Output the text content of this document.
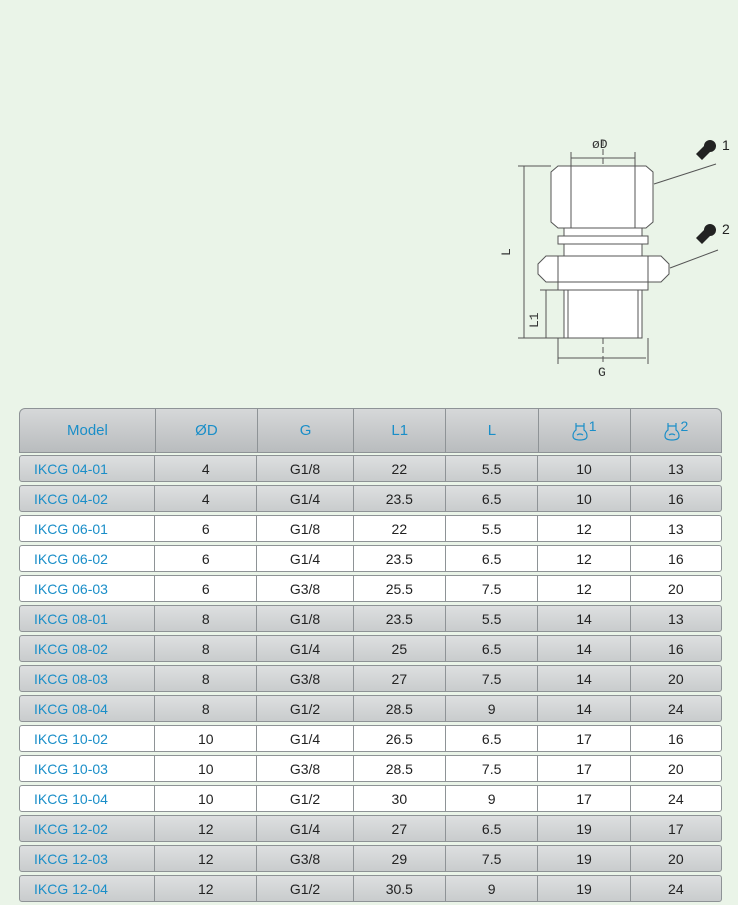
øD
L
L1
G
1
2
Model	ØD	G	L1	L	1	2
IKCG 04-01	4	G1/8	22	5.5	10	13
IKCG 04-02	4	G1/4	23.5	6.5	10	16
IKCG 06-01	6	G1/8	22	5.5	12	13
IKCG 06-02	6	G1/4	23.5	6.5	12	16
IKCG 06-03	6	G3/8	25.5	7.5	12	20
IKCG 08-01	8	G1/8	23.5	5.5	14	13
IKCG 08-02	8	G1/4	25	6.5	14	16
IKCG 08-03	8	G3/8	27	7.5	14	20
IKCG 08-04	8	G1/2	28.5	9	14	24
IKCG 10-02	10	G1/4	26.5	6.5	17	16
IKCG 10-03	10	G3/8	28.5	7.5	17	20
IKCG 10-04	10	G1/2	30	9	17	24
IKCG 12-02	12	G1/4	27	6.5	19	17
IKCG 12-03	12	G3/8	29	7.5	19	20
IKCG 12-04	12	G1/2	30.5	9	19	24
